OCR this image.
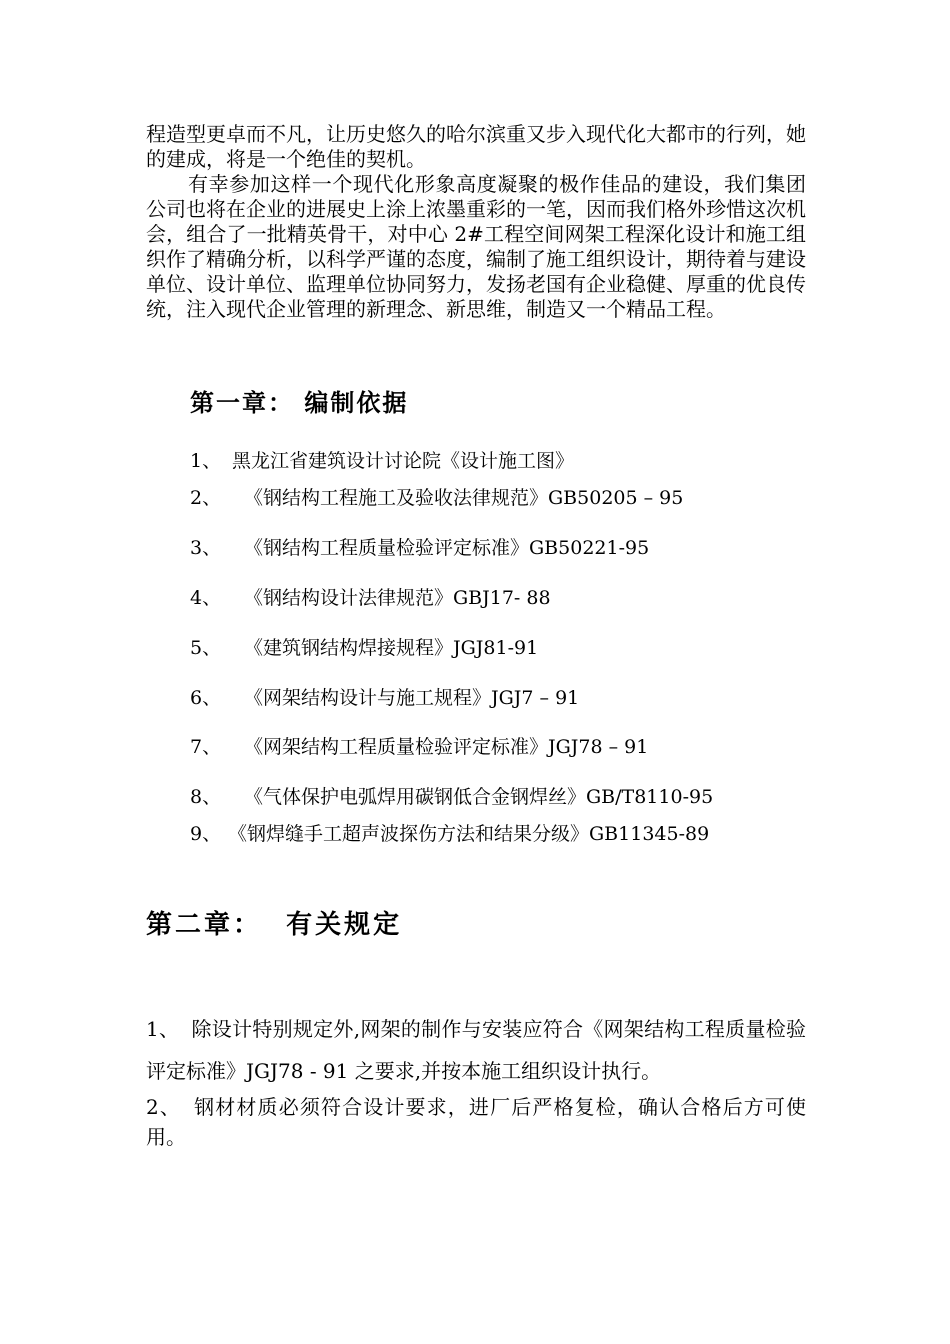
程造型更卓而不凡，让历史悠久的哈尔滨重又步入现代化大都市的行列，她的建成，将是一个绝佳的契机。

有幸参加这样一个现代化形象高度凝聚的极作佳品的建设，我们集团公司也将在企业的进展史上涂上浓墨重彩的一笔，因而我们格外珍惜这次机会，组合了一批精英骨干，对中心 2#工程空间网架工程深化设计和施工组织作了精确分析，以科学严谨的态度，编制了施工组织设计，期待着与建设单位、设计单位、监理单位协同努力，发扬老国有企业稳健、厚重的优良传统，注入现代企业管理的新理念、新思维，制造又一个精品工程。

第一章： 编制依据
1、 黑龙江省建筑设计讨论院《设计施工图》
2、 《钢结构工程施工及验收法律规范》GB50205 – 95
3、 《钢结构工程质量检验评定标准》GB50221-95
4、 《钢结构设计法律规范》GBJ17- 88
5、 《建筑钢结构焊接规程》JGJ81-91
6、 《网架结构设计与施工规程》JGJ7 – 91
7、 《网架结构工程质量检验评定标准》JGJ78 – 91
8、 《气体保护电弧焊用碳钢低合金钢焊丝》GB/T8110-95
9、 《钢焊缝手工超声波探伤方法和结果分级》GB11345-89
第二章：  有关规定

1、 除设计特别规定外,网架的制作与安装应符合《网架结构工程质量检验评定标准》JGJ78 - 91 之要求,并按本施工组织设计执行。

2、 钢材材质必须符合设计要求，进厂后严格复检，确认合格后方可使用。
